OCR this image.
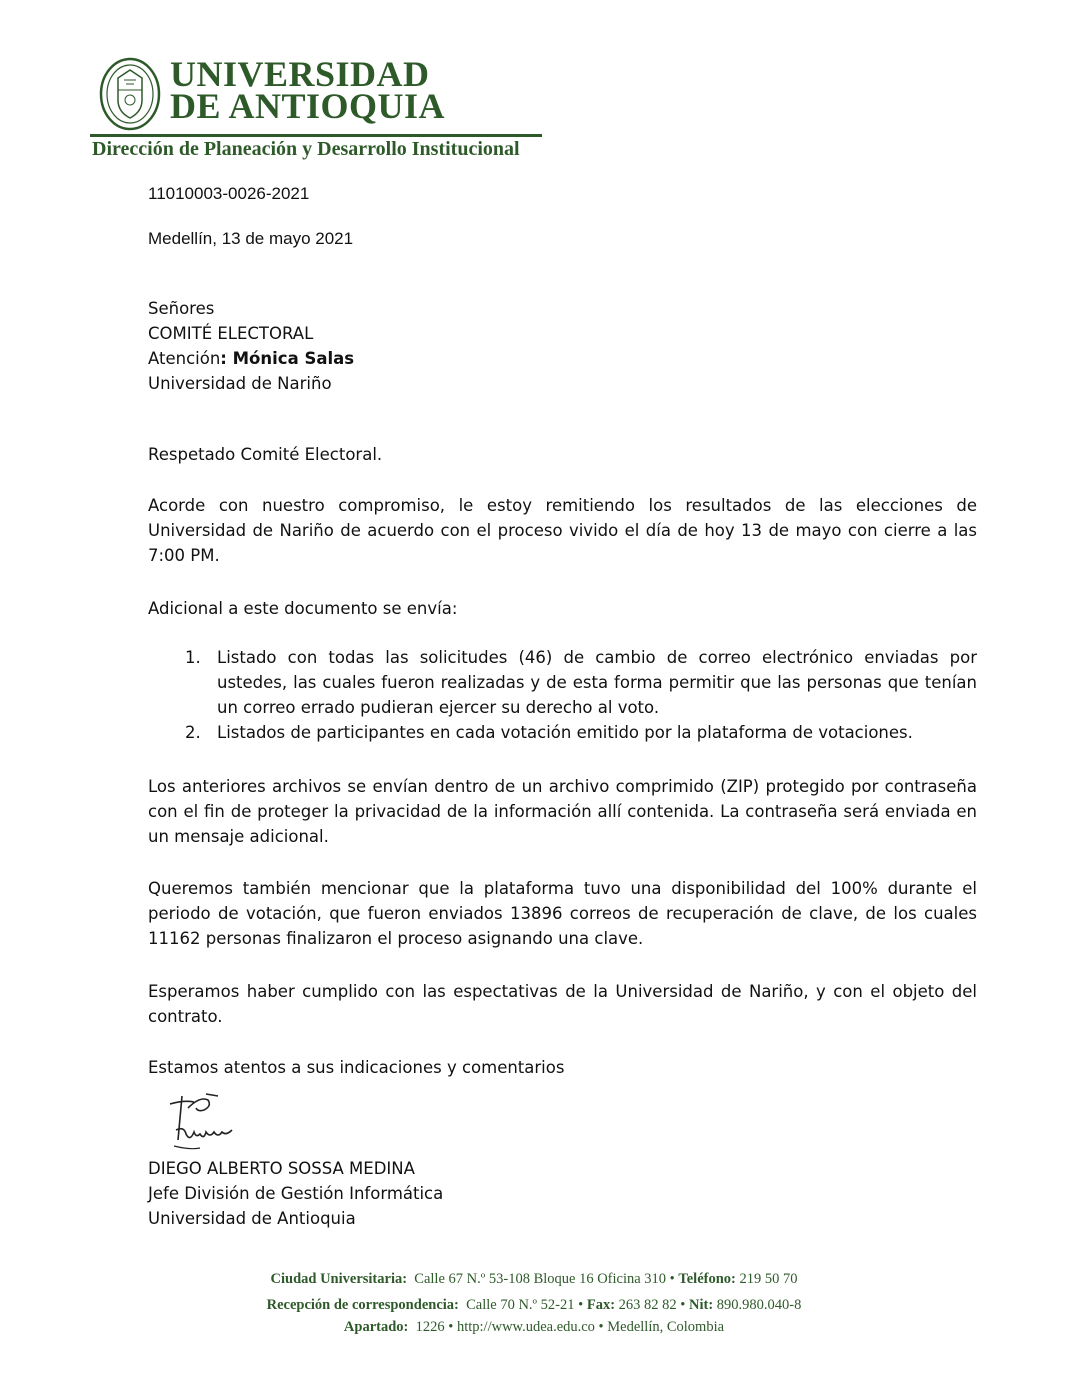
UNIVERSIDAD
DE ANTIOQUIA
Dirección de Planeación y Desarrollo Institucional
11010003-0026-2021
Medellín, 13 de mayo 2021
Señores
COMITÉ ELECTORAL
Atención: Mónica Salas
Universidad de Nariño
Respetado Comité Electoral.

Acorde con nuestro compromiso, le estoy remitiendo los resultados de las elecciones de Universidad de Nariño de acuerdo con el proceso vivido el día de hoy 13 de mayo con cierre a las 7:00 PM.

Adicional a este documento se envía:

1. Listado con todas las solicitudes (46) de cambio de correo electrónico enviadas por ustedes, las cuales fueron realizadas y de esta forma permitir que las personas que tenían un correo errado pudieran ejercer su derecho al voto.
2. Listados de participantes en cada votación emitido por la plataforma de votaciones.

Los anteriores archivos se envían dentro de un archivo comprimido (ZIP) protegido por contraseña con el fin de proteger la privacidad de la información allí contenida. La contraseña será enviada en un mensaje adicional.

Queremos también mencionar que la plataforma tuvo una disponibilidad del 100% durante el periodo de votación, que fueron enviados 13896 correos de recuperación de clave, de los cuales 11162 personas finalizaron el proceso asignando una clave.

Esperamos haber cumplido con las espectativas de la Universidad de Nariño, y con el objeto del contrato.

Estamos atentos a sus indicaciones y comentarios
DIEGO ALBERTO SOSSA MEDINA
Jefe División de Gestión Informática
Universidad de Antioquia
Ciudad Universitaria: Calle 67 N.º 53-108 Bloque 16 Oficina 310 • Teléfono: 219 50 70
Recepción de correspondencia: Calle 70 N.º 52-21 • Fax: 263 82 82 • Nit: 890.980.040-8
Apartado: 1226 • http://www.udea.edu.co • Medellín, Colombia
